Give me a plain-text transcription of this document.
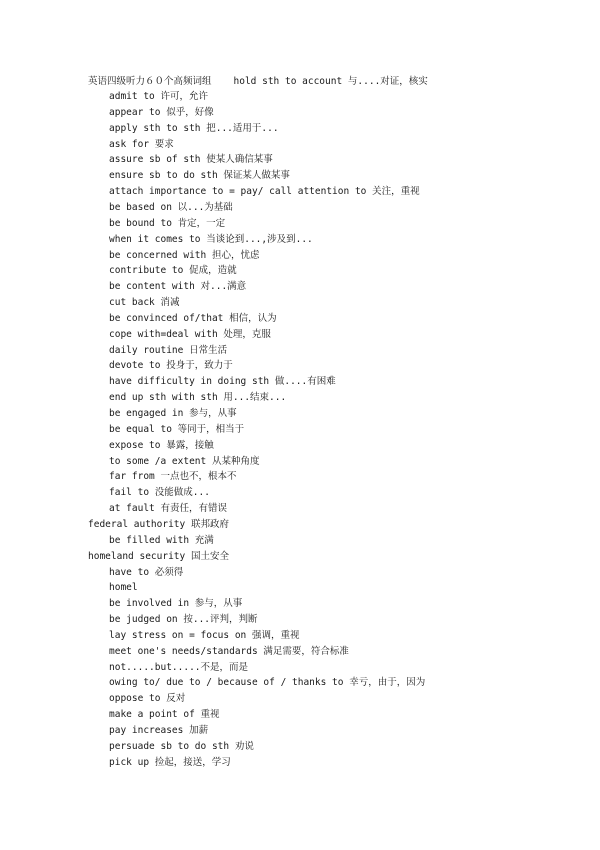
英语四级听力６０个高频词组 hold sth to account 与....对证，核实
admit to 许可，允许
appear to 似乎，好像
apply sth to sth 把...适用于...
ask for 要求
assure sb of sth 使某人确信某事
ensure sb to do sth 保证某人做某事
attach importance to = pay/ call attention to 关注，重视
be based on 以...为基础
be bound to 肯定，一定
when it comes to 当谈论到...,涉及到...
be concerned with 担心，忧虑
contribute to 促成，造就
be content with 对...满意
cut back 消减
be convinced of/that 相信，认为
cope with=deal with 处理，克服
daily routine 日常生活
devote to 投身于，致力于
have difficulty in doing sth 做....有困难
end up sth with sth 用...结束...
be engaged in 参与，从事
be equal to 等同于，相当于
expose to 暴露，接触
to some /a extent 从某种角度
far from 一点也不，根本不
fail to 没能做成...
at fault 有责任，有错误
federal authority 联邦政府
be filled with 充满
homeland security 国土安全
have to 必须得
homel
be involved in 参与，从事
be judged on 按...评判，判断
lay stress on = focus on 强调，重视
meet one's needs/standards 满足需要，符合标准
not.....but.....不是，而是
owing to/ due to / because of / thanks to 幸亏，由于，因为
oppose to 反对
make a point of 重视
pay increases 加薪
persuade sb to do sth 劝说
pick up 捡起，接送，学习
